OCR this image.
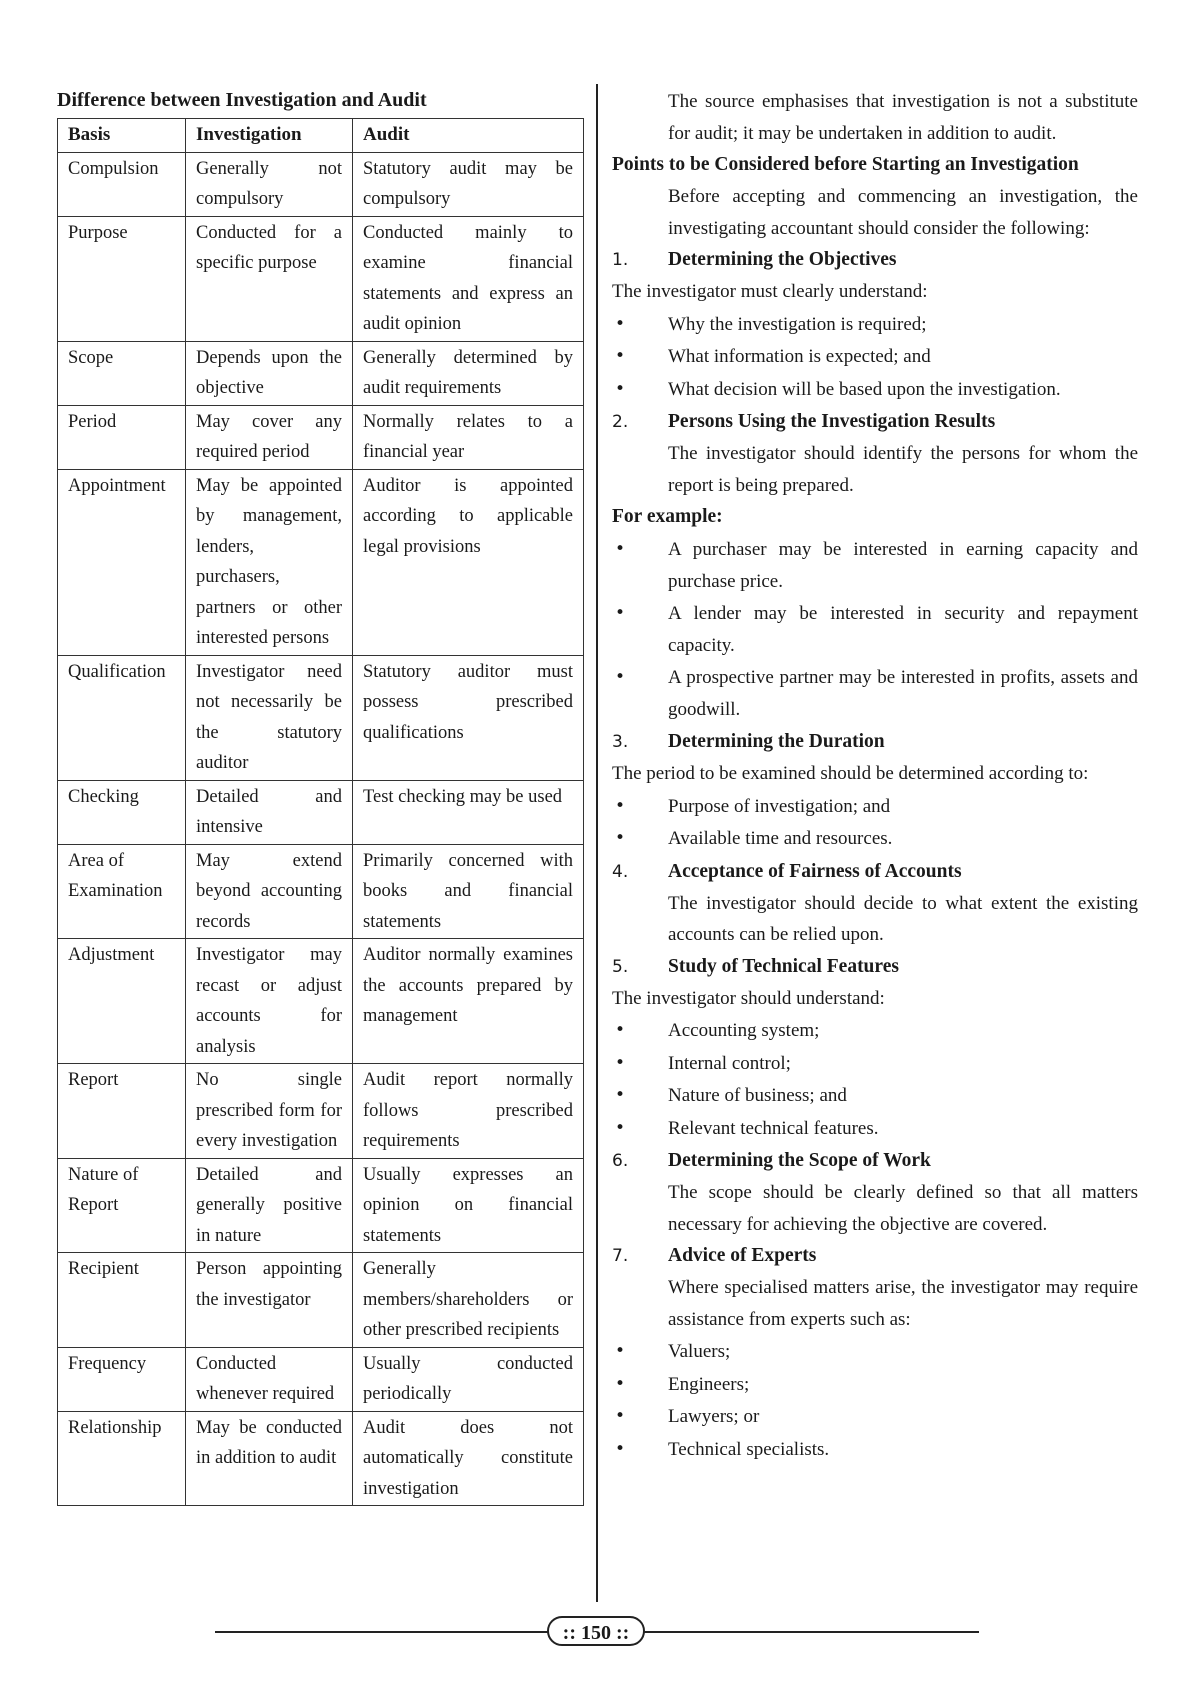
Difference between Investigation and Audit
Basis	Investigation	Audit
Compulsion	Generally not compulsory	Statutory audit may be compulsory
Purpose	Conducted for a specific purpose	Conducted mainly to examine financial statements and express an audit opinion
Scope	Depends upon the objective	Generally determined by audit requirements
Period	May cover any required period	Normally relates to a financial year
Appointment	May be appointed by management, lenders, purchasers, partners or other interested persons	Auditor is appointed according to applicable legal provisions
Qualification	Investigator need not necessarily be the statutory auditor	Statutory auditor must possess prescribed qualifications
Checking	Detailed and intensive	Test checking may be used
Area of Examination	May extend beyond accounting records	Primarily concerned with books and financial statements
Adjustment	Investigator may recast or adjust accounts for analysis	Auditor normally examines the accounts prepared by management
Report	No single prescribed form for every investigation	Audit report normally follows prescribed requirements
Nature of Report	Detailed and generally positive in nature	Usually expresses an opinion on financial statements
Recipient	Person appointing the investigator	Generally members/shareholders or other prescribed recipients
Frequency	Conducted whenever required	Usually conducted periodically
Relationship	May be conducted in addition to audit	Audit does not automatically constitute investigation
The source emphasises that investigation is not a substitute for audit; it may be undertaken in addition to audit.
Points to be Considered before Starting an Investigation
Before accepting and commencing an investigation, the investigating accountant should consider the following:
1.	Determining the Objectives
The investigator must clearly understand:
•	Why the investigation is required;
•	What information is expected; and
•	What decision will be based upon the investigation.
2.	Persons Using the Investigation Results
The investigator should identify the persons for whom the report is being prepared.
For example:
•	A purchaser may be interested in earning capacity and purchase price.
•	A lender may be interested in security and repayment capacity.
•	A prospective partner may be interested in profits, assets and goodwill.
3.	Determining the Duration
The period to be examined should be determined according to:
•	Purpose of investigation; and
•	Available time and resources.
4.	Acceptance of Fairness of Accounts
The investigator should decide to what extent the existing accounts can be relied upon.
5.	Study of Technical Features
The investigator should understand:
•	Accounting system;
•	Internal control;
•	Nature of business; and
•	Relevant technical features.
6.	Determining the Scope of Work
The scope should be clearly defined so that all matters necessary for achieving the objective are covered.
7.	Advice of Experts
Where specialised matters arise, the investigator may require assistance from experts such as:
•	Valuers;
•	Engineers;
•	Lawyers; or
•	Technical specialists.
:: 150 ::
